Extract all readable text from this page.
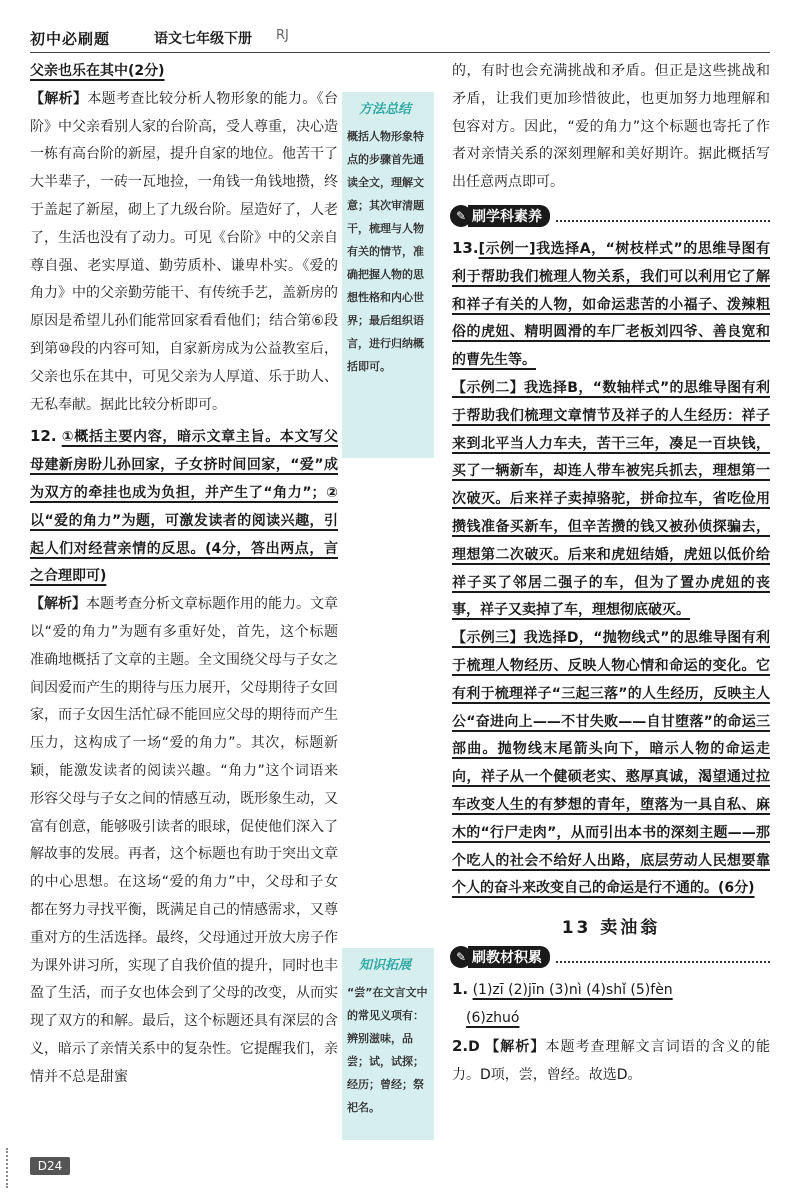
初中必刷题	语文七年级下册 RJ

父亲也乐在其中(2分)

【解析】本题考查比较分析人物形象的能力。《台阶》中父亲看别人家的台阶高，受人尊重，决心造一栋有高台阶的新屋，提升自家的地位。他苦干了大半辈子，一砖一瓦地捡，一角钱一角钱地攒，终于盖起了新屋，砌上了九级台阶。屋造好了，人老了，生活也没有了动力。可见《台阶》中的父亲自尊自强、老实厚道、勤劳质朴、谦卑朴实。《爱的角力》中的父亲勤劳能干、有传统手艺，盖新房的原因是希望儿孙们能常回家看看他们；结合第⑥段到第⑩段的内容可知，自家新房成为公益教室后，父亲也乐在其中，可见父亲为人厚道、乐于助人、无私奉献。据此比较分析即可。

12. ①概括主要内容，暗示文章主旨。本文写父母建新房盼儿孙回家，子女挤时间回家，“爱”成为双方的牵挂也成为负担，并产生了“角力”；②以“爱的角力”为题，可激发读者的阅读兴趣，引起人们对经营亲情的反思。(4分，答出两点，言之合理即可)

【解析】本题考查分析文章标题作用的能力。文章以“爱的角力”为题有多重好处，首先，这个标题准确地概括了文章的主题。全文围绕父母与子女之间因爱而产生的期待与压力展开，父母期待子女回家，而子女因生活忙碌不能回应父母的期待而产生压力，这构成了一场“爱的角力”。其次，标题新颖，能激发读者的阅读兴趣。“角力”这个词语来形容父母与子女之间的情感互动，既形象生动，又富有创意，能够吸引读者的眼球，促使他们深入了解故事的发展。再者，这个标题也有助于突出文章的中心思想。在这场“爱的角力”中，父母和子女都在努力寻找平衡，既满足自己的情感需求，又尊重对方的生活选择。最终，父母通过开放大房子作为课外讲习所，实现了自我价值的提升，同时也丰盈了生活，而子女也体会到了父母的改变，从而实现了双方的和解。最后，这个标题还具有深层的含义，暗示了亲情关系中的复杂性。它提醒我们，亲情并不总是甜蜜

方法总结

概括人物形象特点的步骤首先通读全文，理解文意；其次审清题干，梳理与人物有关的情节，准确把握人物的思想性格和内心世界；最后组织语言，进行归纳概括即可。

知识拓展

“尝”在文言文中的常见义项有：辨别滋味，品尝；试，试探；经历；曾经；祭祀名。

的，有时也会充满挑战和矛盾。但正是这些挑战和矛盾，让我们更加珍惜彼此，也更加努力地理解和包容对方。因此，“爱的角力”这个标题也寄托了作者对亲情关系的深刻理解和美好期许。据此概括写出任意两点即可。

✎ 刷学科素养

13.[示例一]我选择A，“树枝样式”的思维导图有利于帮助我们梳理人物关系，我们可以利用它了解和祥子有关的人物，如命运悲苦的小福子、泼辣粗俗的虎妞、精明圆滑的车厂老板刘四爷、善良宽和的曹先生等。

【示例二】我选择B，“数轴样式”的思维导图有利于帮助我们梳理文章情节及祥子的人生经历：祥子来到北平当人力车夫，苦干三年，凑足一百块钱，买了一辆新车，却连人带车被宪兵抓去，理想第一次破灭。后来祥子卖掉骆驼，拼命拉车，省吃俭用攒钱准备买新车，但辛苦攒的钱又被孙侦探骗去，理想第二次破灭。后来和虎妞结婚，虎妞以低价给祥子买了邻居二强子的车，但为了置办虎妞的丧事，祥子又卖掉了车，理想彻底破灭。

【示例三】我选择D，“抛物线式”的思维导图有利于梳理人物经历、反映人物心情和命运的变化。它有利于梳理祥子“三起三落”的人生经历，反映主人公“奋进向上——不甘失败——自甘堕落”的命运三部曲。抛物线末尾箭头向下，暗示人物的命运走向，祥子从一个健硕老实、憨厚真诚，渴望通过拉车改变人生的有梦想的青年，堕落为一具自私、麻木的“行尸走肉”，从而引出本书的深刻主题——那个吃人的社会不给好人出路，底层劳动人民想要靠个人的奋斗来改变自己的命运是行不通的。(6分)

13 卖油翁
✎ 刷教材积累

1. (1)zī (2)jīn (3)nì (4)shǐ (5)fèn

(6)zhuó

2.D 【解析】本题考查理解文言词语的含义的能力。D项，尝，曾经。故选D。

D24
